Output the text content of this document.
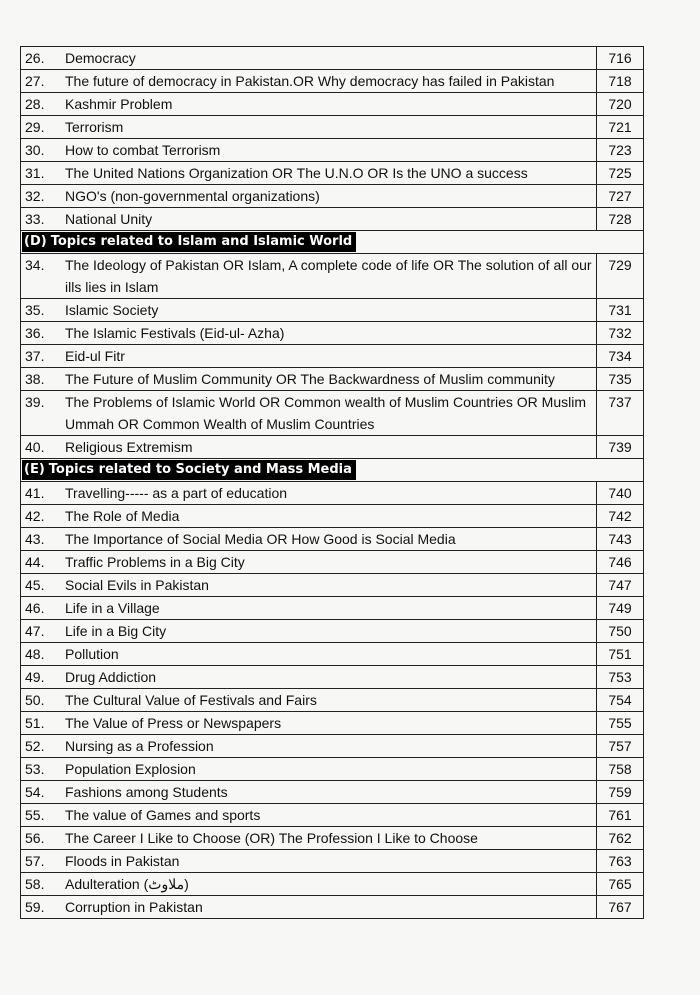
26.	Democracy	716
27.	The future of democracy in Pakistan.OR Why democracy has failed in Pakistan	718
28.	Kashmir Problem	720
29.	Terrorism	721
30.	How to combat Terrorism	723
31.	The United Nations Organization OR The U.N.O OR Is the UNO a success	725
32.	NGO's (non-governmental organizations)	727
33.	National Unity	728

(D) Topics related to Islam and Islamic World		

34.	The Ideology of Pakistan OR Islam, A complete code of life OR The solution of all our ills lies in Islam	729
35.	Islamic Society	731
36.	The Islamic Festivals (Eid-ul- Azha)	732
37.	Eid-ul Fitr	734
38.	The Future of Muslim Community OR The Backwardness of Muslim community	735
39.	The Problems of Islamic World OR Common wealth of Muslim Countries OR Muslim Ummah OR Common Wealth of Muslim Countries	737
40.	Religious Extremism	739

(E) Topics related to Society and Mass Media		

41.	Travelling----- as a part of education	740
42.	The Role of Media	742
43.	The Importance of Social Media OR How Good is Social Media	743
44.	Traffic Problems in a Big City	746
45.	Social Evils in Pakistan	747
46.	Life in a Village	749
47.	Life in a Big City	750
48.	Pollution	751
49.	Drug Addiction	753
50.	The Cultural Value of Festivals and Fairs	754
51.	The Value of Press or Newspapers	755
52.	Nursing as a Profession	757
53.	Population Explosion	758
54.	Fashions among Students	759
55.	The value of Games and sports	761
56.	The Career I Like to Choose (OR) The Profession I Like to Choose	762
57.	Floods in Pakistan	763
58.	Adulteration (ملاوٹ)	765
59.	Corruption in Pakistan	767
